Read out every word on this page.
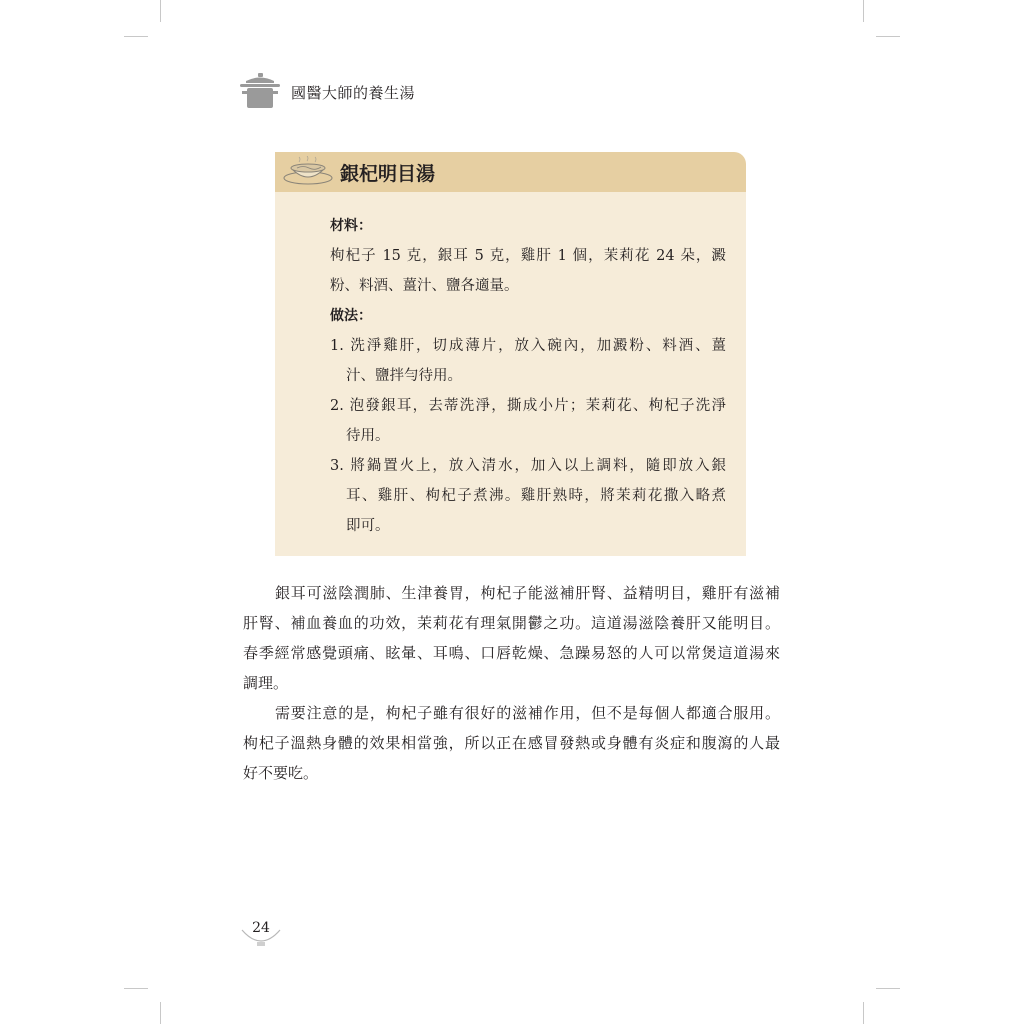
國醫大師的養生湯
銀杞明目湯
材料：
枸杞子 15 克，銀耳 5 克，雞肝 1 個，茉莉花 24 朵，澱
粉、料酒、薑汁、鹽各適量。
做法：
1. 洗淨雞肝，切成薄片，放入碗內，加澱粉、料酒、薑
汁、鹽拌勻待用。
2. 泡發銀耳，去蒂洗淨，撕成小片；茉莉花、枸杞子洗淨
待用。
3. 將鍋置火上，放入清水，加入以上調料，隨即放入銀
耳、雞肝、枸杞子煮沸。雞肝熟時，將茉莉花撒入略煮
即可。
銀耳可滋陰潤肺、生津養胃，枸杞子能滋補肝腎、益精明目，雞肝有滋補
肝腎、補血養血的功效，茉莉花有理氣開鬱之功。這道湯滋陰養肝又能明目。
春季經常感覺頭痛、眩暈、耳鳴、口唇乾燥、急躁易怒的人可以常煲這道湯來
調理。
需要注意的是，枸杞子雖有很好的滋補作用，但不是每個人都適合服用。
枸杞子溫熱身體的效果相當強，所以正在感冒發熱或身體有炎症和腹瀉的人最
好不要吃。
24
